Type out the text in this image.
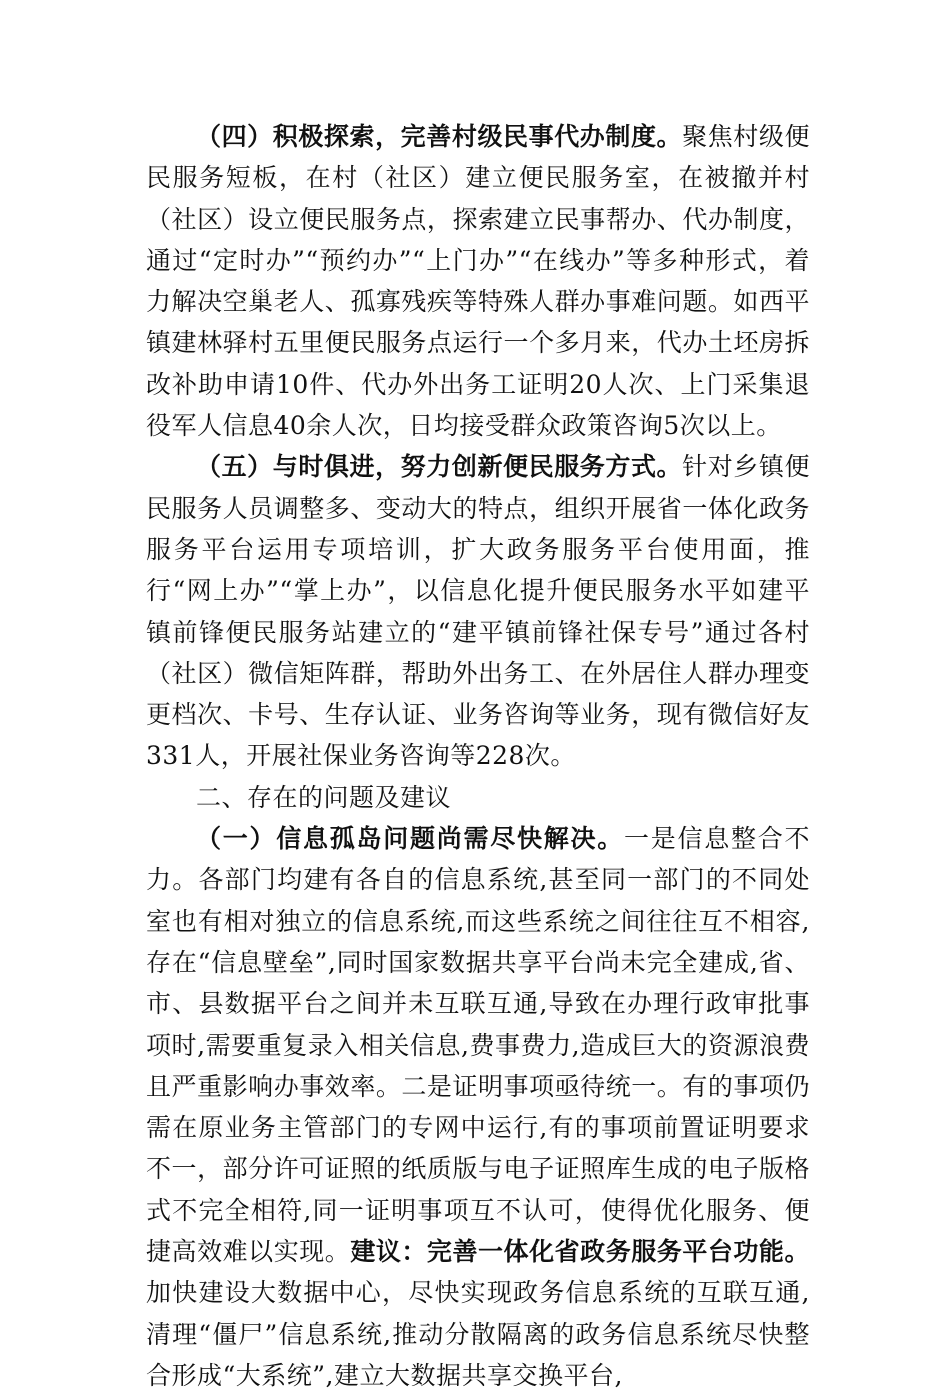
（四）积极探索，完善村级民事代办制度。聚焦村级便民服务短板，在村（社区）建立便民服务室，在被撤并村（社区）设立便民服务点，探索建立民事帮办、代办制度，通过“定时办”“预约办”“上门办”“在线办”等多种形式，着力解决空巢老人、孤寡残疾等特殊人群办事难问题。如西平镇建林驿村五里便民服务点运行一个多月来，代办土坯房拆改补助申请10件、代办外出务工证明20人次、上门采集退役军人信息40余人次，日均接受群众政策咨询5次以上。

（五）与时俱进，努力创新便民服务方式。针对乡镇便民服务人员调整多、变动大的特点，组织开展省一体化政务服务平台运用专项培训，扩大政务服务平台使用面，推行“网上办”“掌上办”，以信息化提升便民服务水平如建平镇前锋便民服务站建立的“建平镇前锋社保专号”通过各村（社区）微信矩阵群，帮助外出务工、在外居住人群办理变更档次、卡号、生存认证、业务咨询等业务，现有微信好友331人，开展社保业务咨询等228次。

二、存在的问题及建议

（一）信息孤岛问题尚需尽快解决。一是信息整合不力。各部门均建有各自的信息系统,甚至同一部门的不同处室也有相对独立的信息系统,而这些系统之间往往互不相容,存在“信息壁垒”,同时国家数据共享平台尚未完全建成,省、市、县数据平台之间并未互联互通,导致在办理行政审批事项时,需要重复录入相关信息,费事费力,造成巨大的资源浪费且严重影响办事效率。二是证明事项亟待统一。有的事项仍需在原业务主管部门的专网中运行,有的事项前置证明要求不一，部分许可证照的纸质版与电子证照库生成的电子版格式不完全相符,同一证明事项互不认可，使得优化服务、便捷高效难以实现。建议：完善一体化省政务服务平台功能。加快建设大数据中心，尽快实现政务信息系统的互联互通,清理“僵尸”信息系统,推动分散隔离的政务信息系统尽快整合形成“大系统”,建立大数据共享交换平台,
